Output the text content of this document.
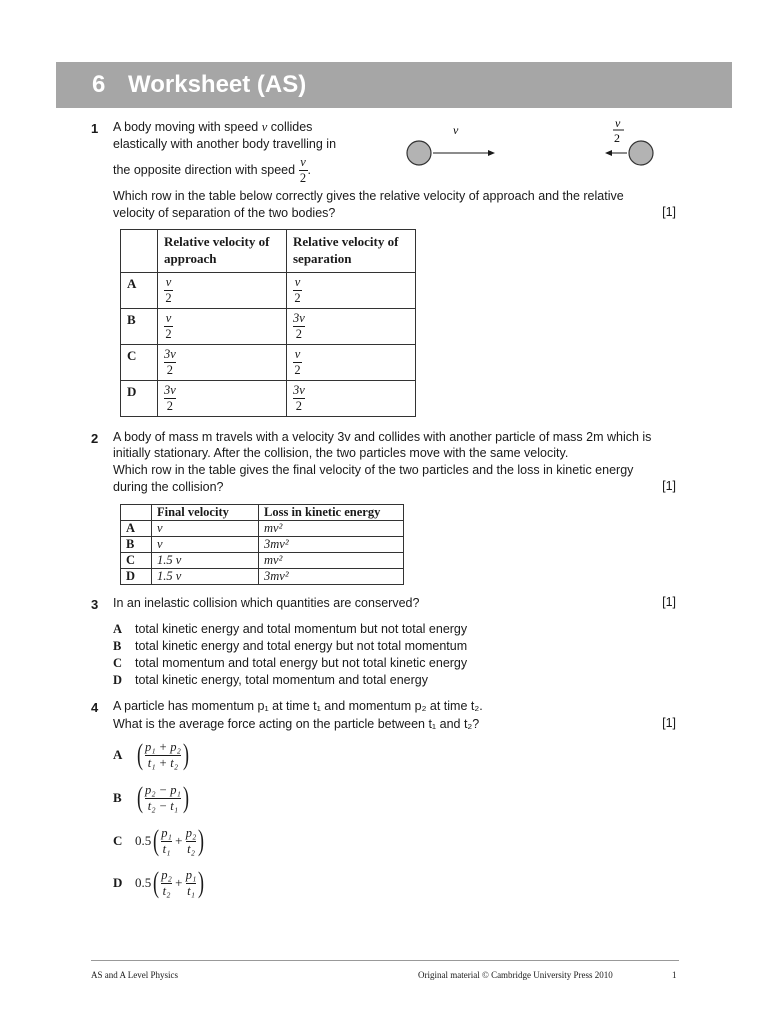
6 Worksheet (AS)
1 A body moving with speed v collides
elastically with another body travelling in
the opposite direction with speed
$\frac{v}{2}$ .
v	v
2
Which row in the table below correctly gives the relative velocity of approach and the relative
velocity of separation of the two bodies?	[1]
	Relative velocity of approach	Relative velocity of separation
A	$\frac{v}{2}$	$\frac{v}{2}$

B	$\frac{v}{2}$	$\frac{3v}{2}$

C	$\frac{3v}{2}$	$\frac{v}{2}$

D	$\frac{3v}{2}$	$\frac{3v}{2}$
2 A body of mass m travels with a velocity 3v and collides with another particle of mass 2m which is
initially stationary. After the collision, the two particles move with the same velocity.
Which row in the table gives the final velocity of the two particles and the loss in kinetic energy
during the collision?	[1]
	Final velocity	Loss in kinetic energy
A	v	mv²
B	v	3mv²
C	1.5 v	mv²
D	1.5 v	3mv²
3 In an inelastic collision which quantities are conserved?	[1]
A total kinetic energy and total momentum but not total energy
B total kinetic energy and total energy but not total momentum
C total momentum and total energy but not total kinetic energy
D total kinetic energy, total momentum and total energy
4 A particle has momentum p₁ at time t₁ and momentum p₂ at time t₂.
What is the average force acting on the particle between t₁ and t₂?	[1]
A ( $\frac{\text{p₁ + p₂}}{\text{t₁ + t₂}}$ )
B ( $\frac{\text{p₂ − p₁}}{\text{t₂ − t₁}}$ )
C 0.5 ( $\frac{\text{p₁}}{\text{t₁}}$
+
$\frac{\text{p₂}}{\text{t₂}}$ )
D 0.5 ( $\frac{\text{p₂}}{\text{t₂}}$
+
$\frac{\text{p₁}}{\text{t₁}}$ )
AS and A Level Physics	Original material © Cambridge University Press 2010	1
